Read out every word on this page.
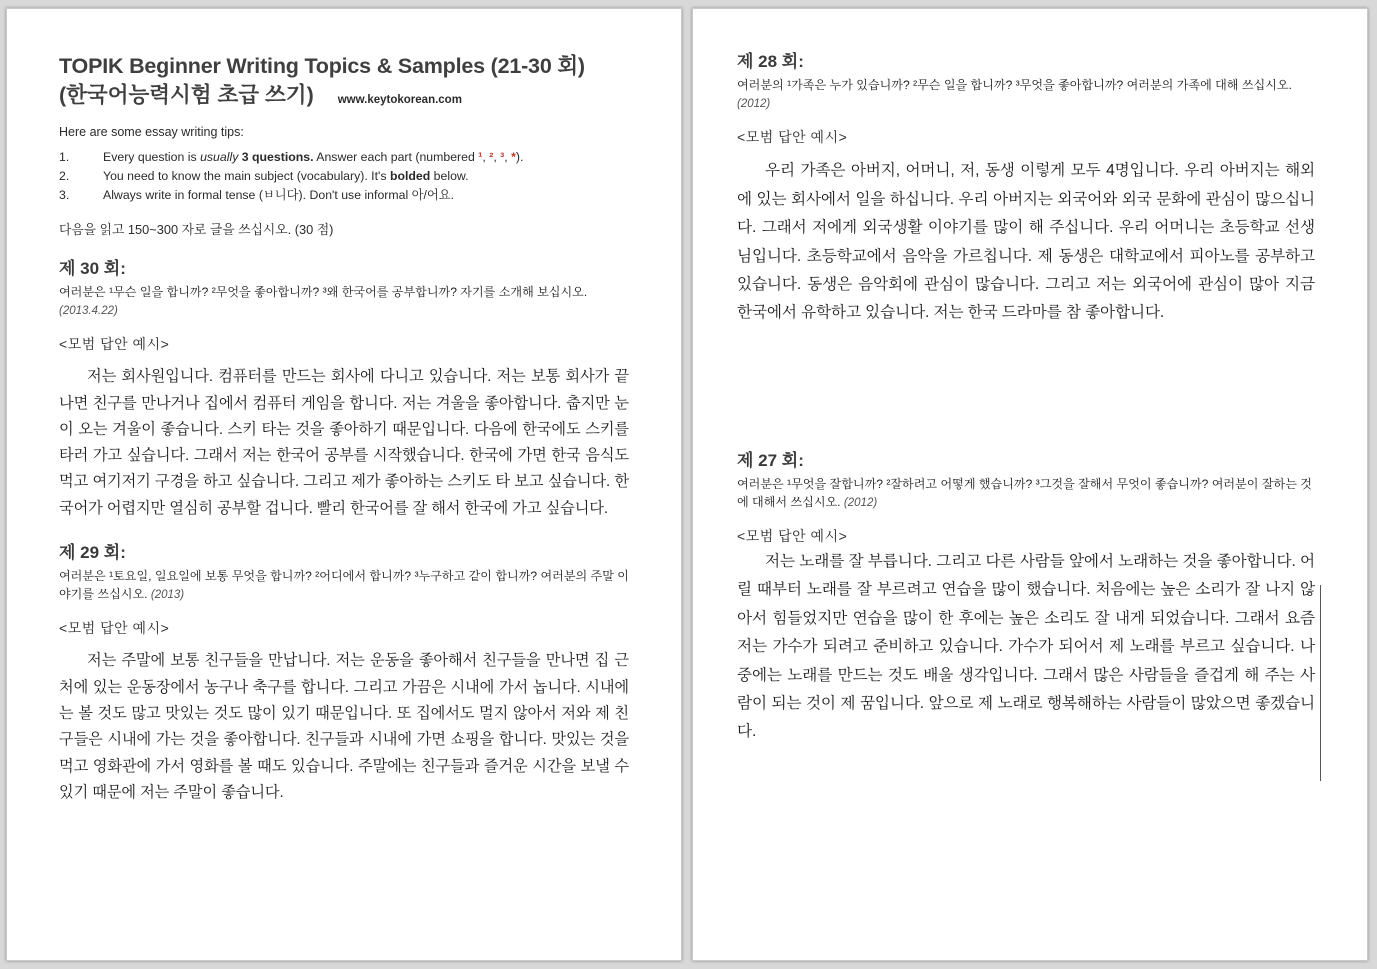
TOPIK Beginner Writing Topics & Samples (21-30 회)
(한국어능력시험 초급 쓰기) www.keytokorean.com
Here are some essay writing tips:
1.	Every question is usually 3 questions. Answer each part (numbered ¹, ², ³, *).
2.	You need to know the main subject (vocabulary). It's bolded below.
3.	Always write in formal tense (ㅂ니다). Don't use informal 아/어요.
다음을 읽고 150~300 자로 글을 쓰십시오. (30 점)
제 30 회:
여러분은 ¹무슨 일을 합니까? ²무엇을 좋아합니까? ³왜 한국어를 공부합니까? 자기를 소개해 보십시오. (2013.4.22)
<모범 답안 예시>

저는 회사원입니다. 컴퓨터를 만드는 회사에 다니고 있습니다. 저는 보통 회사가 끝나면 친구를 만나거나 집에서 컴퓨터 게임을 합니다. 저는 겨울을 좋아합니다. 춥지만 눈이 오는 겨울이 좋습니다. 스키 타는 것을 좋아하기 때문입니다. 다음에 한국에도 스키를 타러 가고 싶습니다. 그래서 저는 한국어 공부를 시작했습니다. 한국에 가면 한국 음식도 먹고 여기저기 구경을 하고 싶습니다. 그리고 제가 좋아하는 스키도 타 보고 싶습니다. 한국어가 어렵지만 열심히 공부할 겁니다. 빨리 한국어를 잘 해서 한국에 가고 싶습니다.

제 29 회:
여러분은 ¹토요일, 일요일에 보통 무엇을 합니까? ²어디에서 합니까? ³누구하고 같이 합니까? 여러분의 주말 이야기를 쓰십시오. (2013)
<모범 답안 예시>

저는 주말에 보통 친구들을 만납니다. 저는 운동을 좋아해서 친구들을 만나면 집 근처에 있는 운동장에서 농구나 축구를 합니다. 그리고 가끔은 시내에 가서 놉니다. 시내에는 볼 것도 많고 맛있는 것도 많이 있기 때문입니다. 또 집에서도 멀지 않아서 저와 제 친구들은 시내에 가는 것을 좋아합니다. 친구들과 시내에 가면 쇼핑을 합니다. 맛있는 것을 먹고 영화관에 가서 영화를 볼 때도 있습니다. 주말에는 친구들과 즐거운 시간을 보낼 수 있기 때문에 저는 주말이 좋습니다.

제 28 회:
여러분의 ¹가족은 누가 있습니까? ²무슨 일을 합니까? ³무엇을 좋아합니까? 여러분의 가족에 대해 쓰십시오. (2012)
<모범 답안 예시>

우리 가족은 아버지, 어머니, 저, 동생 이렇게 모두 4명입니다. 우리 아버지는 해외에 있는 회사에서 일을 하십니다. 우리 아버지는 외국어와 외국 문화에 관심이 많으십니다. 그래서 저에게 외국생활 이야기를 많이 해 주십니다. 우리 어머니는 초등학교 선생님입니다. 초등학교에서 음악을 가르칩니다. 제 동생은 대학교에서 피아노를 공부하고 있습니다. 동생은 음악회에 관심이 많습니다. 그리고 저는 외국어에 관심이 많아 지금 한국에서 유학하고 있습니다. 저는 한국 드라마를 참 좋아합니다.

제 27 회:
여러분은 ¹무엇을 잘합니까? ²잘하려고 어떻게 했습니까? ³그것을 잘해서 무엇이 좋습니까? 여러분이 잘하는 것에 대해서 쓰십시오. (2012)
<모범 답안 예시>

저는 노래를 잘 부릅니다. 그리고 다른 사람들 앞에서 노래하는 것을 좋아합니다. 어릴 때부터 노래를 잘 부르려고 연습을 많이 했습니다. 처음에는 높은 소리가 잘 나지 않아서 힘들었지만 연습을 많이 한 후에는 높은 소리도 잘 내게 되었습니다. 그래서 요즘 저는 가수가 되려고 준비하고 있습니다. 가수가 되어서 제 노래를 부르고 싶습니다. 나중에는 노래를 만드는 것도 배울 생각입니다. 그래서 많은 사람들을 즐겁게 해 주는 사람이 되는 것이 제 꿈입니다. 앞으로 제 노래로 행복해하는 사람들이 많았으면 좋겠습니다.
